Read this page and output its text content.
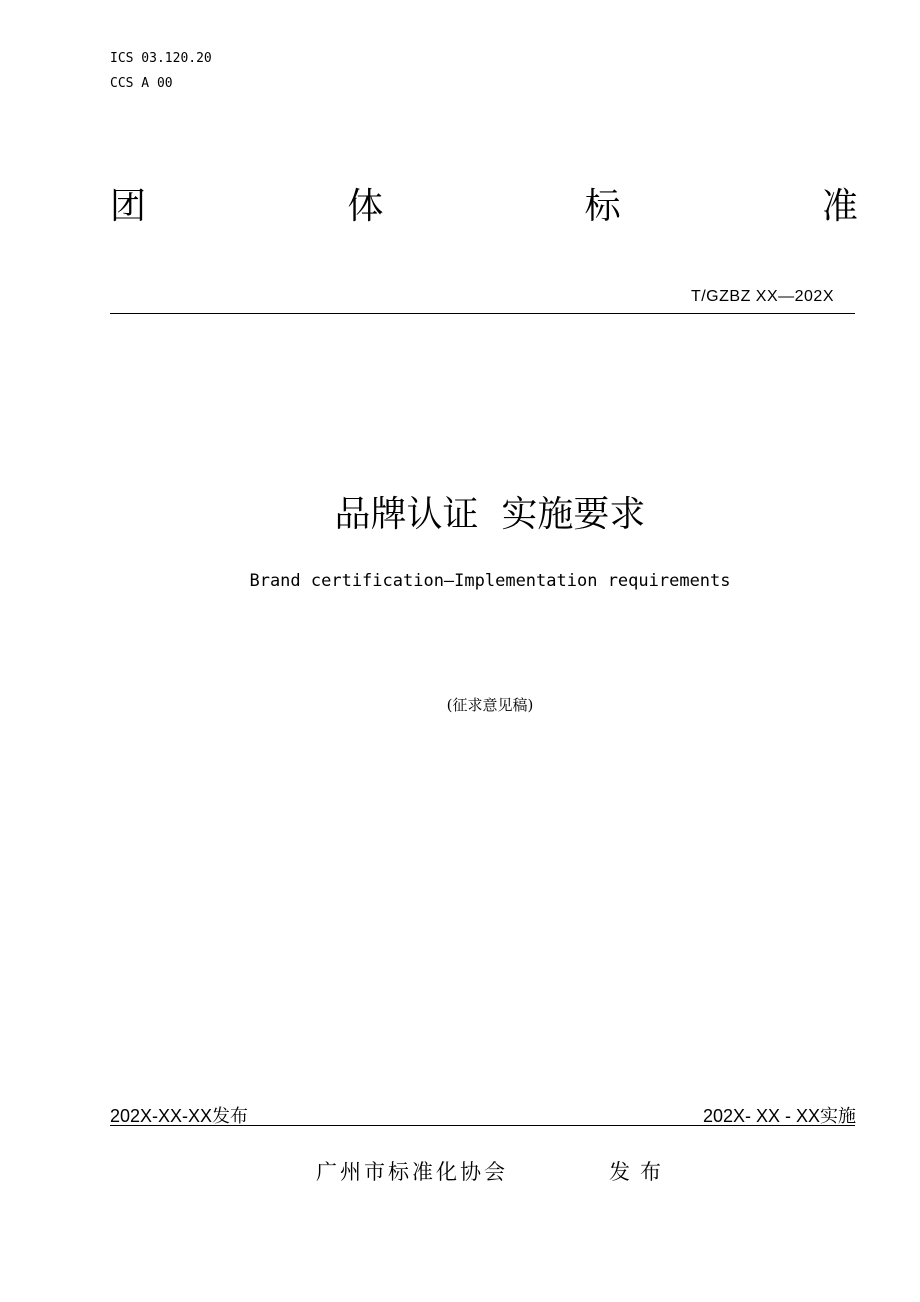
ICS 03.120.20
CCS A 00
团	体	标	准
T/GZBZ XX—202X
品牌认证  实施要求
Brand certification—Implementation requirements
(征求意见稿)
202X-XX-XX发布	202X- XX - XX实施
广州市标准化协会	发布
